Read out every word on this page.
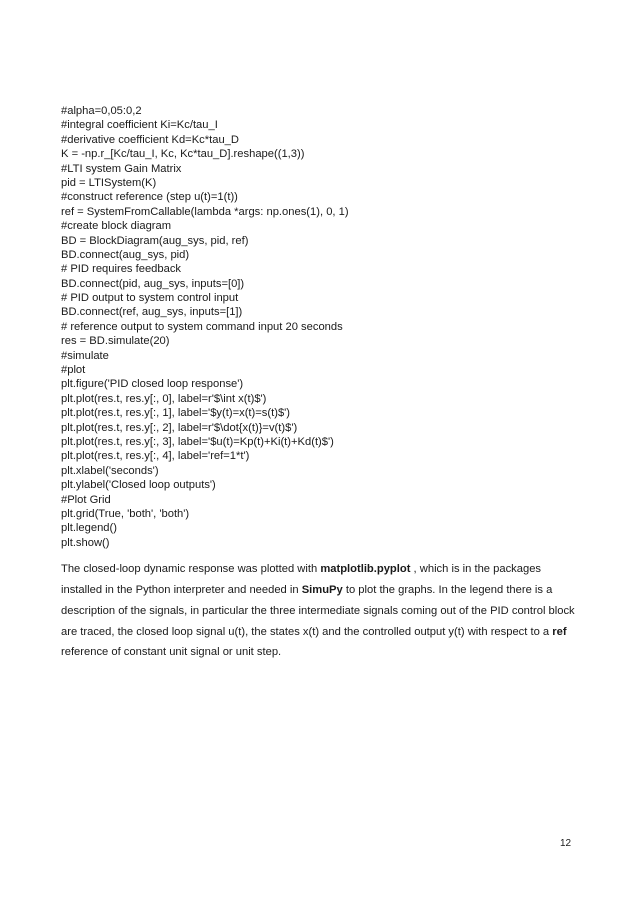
#alpha=0,05:0,2
#integral coefficient Ki=Kc/tau_I
#derivative coefficient Kd=Kc*tau_D
K = -np.r_[Kc/tau_I, Kc, Kc*tau_D].reshape((1,3))
#LTI system Gain Matrix
pid = LTISystem(K)
#construct reference (step u(t)=1(t))
ref = SystemFromCallable(lambda *args: np.ones(1), 0, 1)
#create block diagram
BD = BlockDiagram(aug_sys, pid, ref)
BD.connect(aug_sys, pid)
# PID requires feedback
BD.connect(pid, aug_sys, inputs=[0])
# PID output to system control input
BD.connect(ref, aug_sys, inputs=[1])
# reference output to system command input 20 seconds
res = BD.simulate(20)
#simulate
#plot
plt.figure('PID closed loop response')
plt.plot(res.t, res.y[:, 0], label=r'$\int x(t)$')
plt.plot(res.t, res.y[:, 1], label='$y(t)=x(t)=s(t)$')
plt.plot(res.t, res.y[:, 2], label=r'$\dot{x(t)}=v(t)$')
plt.plot(res.t, res.y[:, 3], label='$u(t)=Kp(t)+Ki(t)+Kd(t)$')
plt.plot(res.t, res.y[:, 4], label='ref=1*t')
plt.xlabel('seconds')
plt.ylabel('Closed loop outputs')
#Plot Grid
plt.grid(True, 'both', 'both')
plt.legend()
plt.show()

The closed-loop dynamic response was plotted with matplotlib.pyplot , which is in the packages installed in the Python interpreter and needed in SimuPy to plot the graphs. In the legend there is a description of the signals, in particular the three intermediate signals coming out of the PID control block are traced, the closed loop signal u(t), the states x(t) and the controlled output y(t) with respect to a ref reference of constant unit signal or unit step.

12
